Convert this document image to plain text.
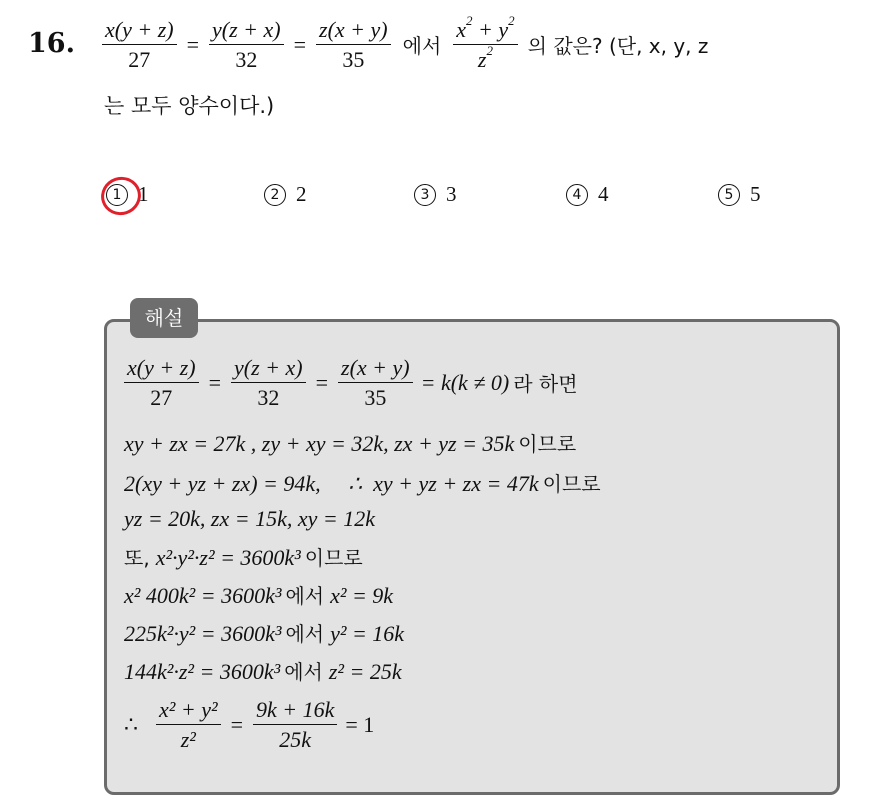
16. $\frac{x(y + z)}{27} = \frac{y(z + x)}{32} = \frac{z(x + y)}{35}$ 에서 $\frac{x^2 + y^2}{z^2}$ 의 값은? (단, x, y, z
는 모두 양수이다.)
1 1	2 2	3 3	4 4	5 5
해설
$\frac{x(y + z)}{27} = \frac{y(z + x)}{32} = \frac{z(x + y)}{35} = k(k \ne 0)$ 라 하면
xy + zx = 27k , zy + xy = 32k, zx + yz = 35k 이므로
2(xy + yz + zx) = 94k,     ∴  xy + yz + zx = 47k 이므로
yz = 20k, zx = 15k, xy = 12k
또, x²·y²·z² = 3600k³ 이므로
x² 400k² = 3600k³ 에서 x² = 9k
225k²·y² = 3600k³ 에서 y² = 16k
144k²·z² = 3600k³ 에서 z² = 25k
∴ $\frac{\text{x² + y²}}{\text{z²}} = \frac{9k + 16k}{25k} = 1$
